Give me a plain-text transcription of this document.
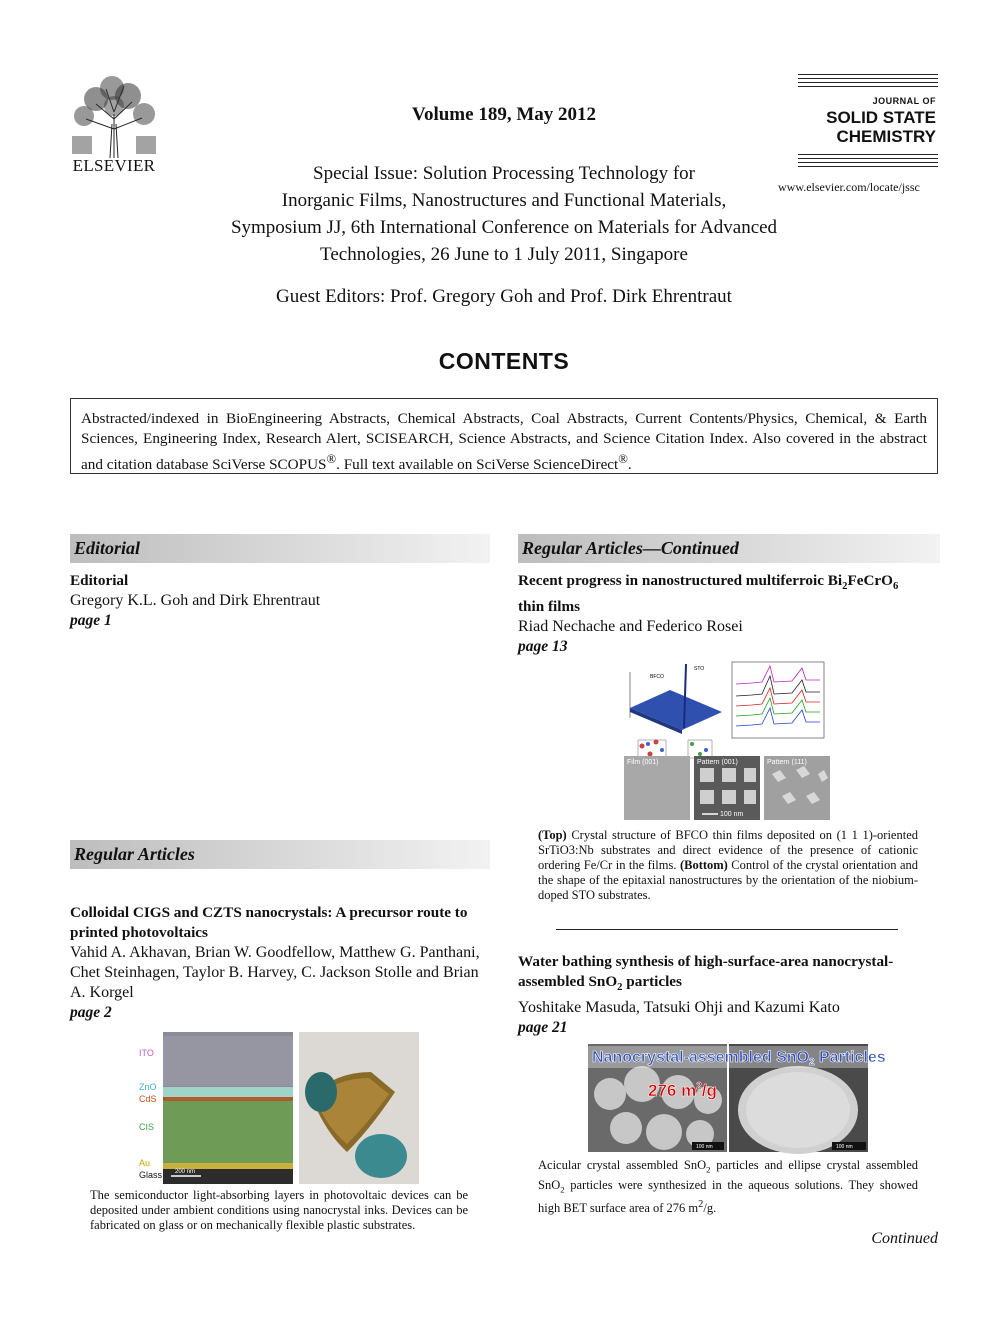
ELSEVIER
Volume 189, May 2012
Special Issue: Solution Processing Technology for
Inorganic Films, Nanostructures and Functional Materials,
Symposium JJ, 6th International Conference on Materials for Advanced
Technologies, 26 June to 1 July 2011, Singapore
Guest Editors: Prof. Gregory Goh and Prof. Dirk Ehrentraut
JOURNAL OF
SOLID STATE
CHEMISTRY
www.elsevier.com/locate/jssc
CONTENTS
Abstracted/indexed in BioEngineering Abstracts, Chemical Abstracts, Coal Abstracts, Current Contents/Physics, Chemical, & Earth Sciences, Engineering Index, Research Alert, SCISEARCH, Science Abstracts, and Science Citation Index. Also covered in the abstract and citation database SciVerse SCOPUS®. Full text available on SciVerse ScienceDirect®.
Editorial
Editorial
Gregory K.L. Goh and Dirk Ehrentraut
page 1
Regular Articles
Colloidal CIGS and CZTS nanocrystals: A precursor route to printed photovoltaics
Vahid A. Akhavan, Brian W. Goodfellow, Matthew G. Panthani, Chet Steinhagen, Taylor B. Harvey, C. Jackson Stolle and Brian A. Korgel
page 2
200 nm
ITO
ZnO
CdS
CIS
Au
Glass
The semiconductor light-absorbing layers in photovoltaic devices can be deposited under ambient conditions using nanocrystal inks. Devices can be fabricated on glass or on mechanically flexible plastic substrates.
Regular Articles—Continued
Recent progress in nanostructured multiferroic $Bi_2FeCrO_6$ thin films
Riad Nechache and Federico Rosei
page 13
BFCO
STO
Film (001)	Pattern (001)	Pattern (111)
100 nm
(Top) Crystal structure of BFCO thin films deposited on (1 1 1)-oriented SrTiO3:Nb substrates and direct evidence of the presence of cationic ordering Fe/Cr in the films. (Bottom) Control of the crystal orientation and the shape of the epitaxial nanostructures by the orientation of the niobium-doped STO substrates.
Water bathing synthesis of high-surface-area nanocrystal-assembled SnO$_2$ particles
Yoshitake Masuda, Tatsuki Ohji and Kazumi Kato
page 21
Nanocrystal-assembled SnO2 Particles
276 $m^2/g$
100 nm	100 nm
Acicular crystal assembled SnO$_2$ particles and ellipse crystal assembled SnO$_2$ particles were synthesized in the aqueous solutions. They showed high BET surface area of 276 $m^2/g$.
Continued
